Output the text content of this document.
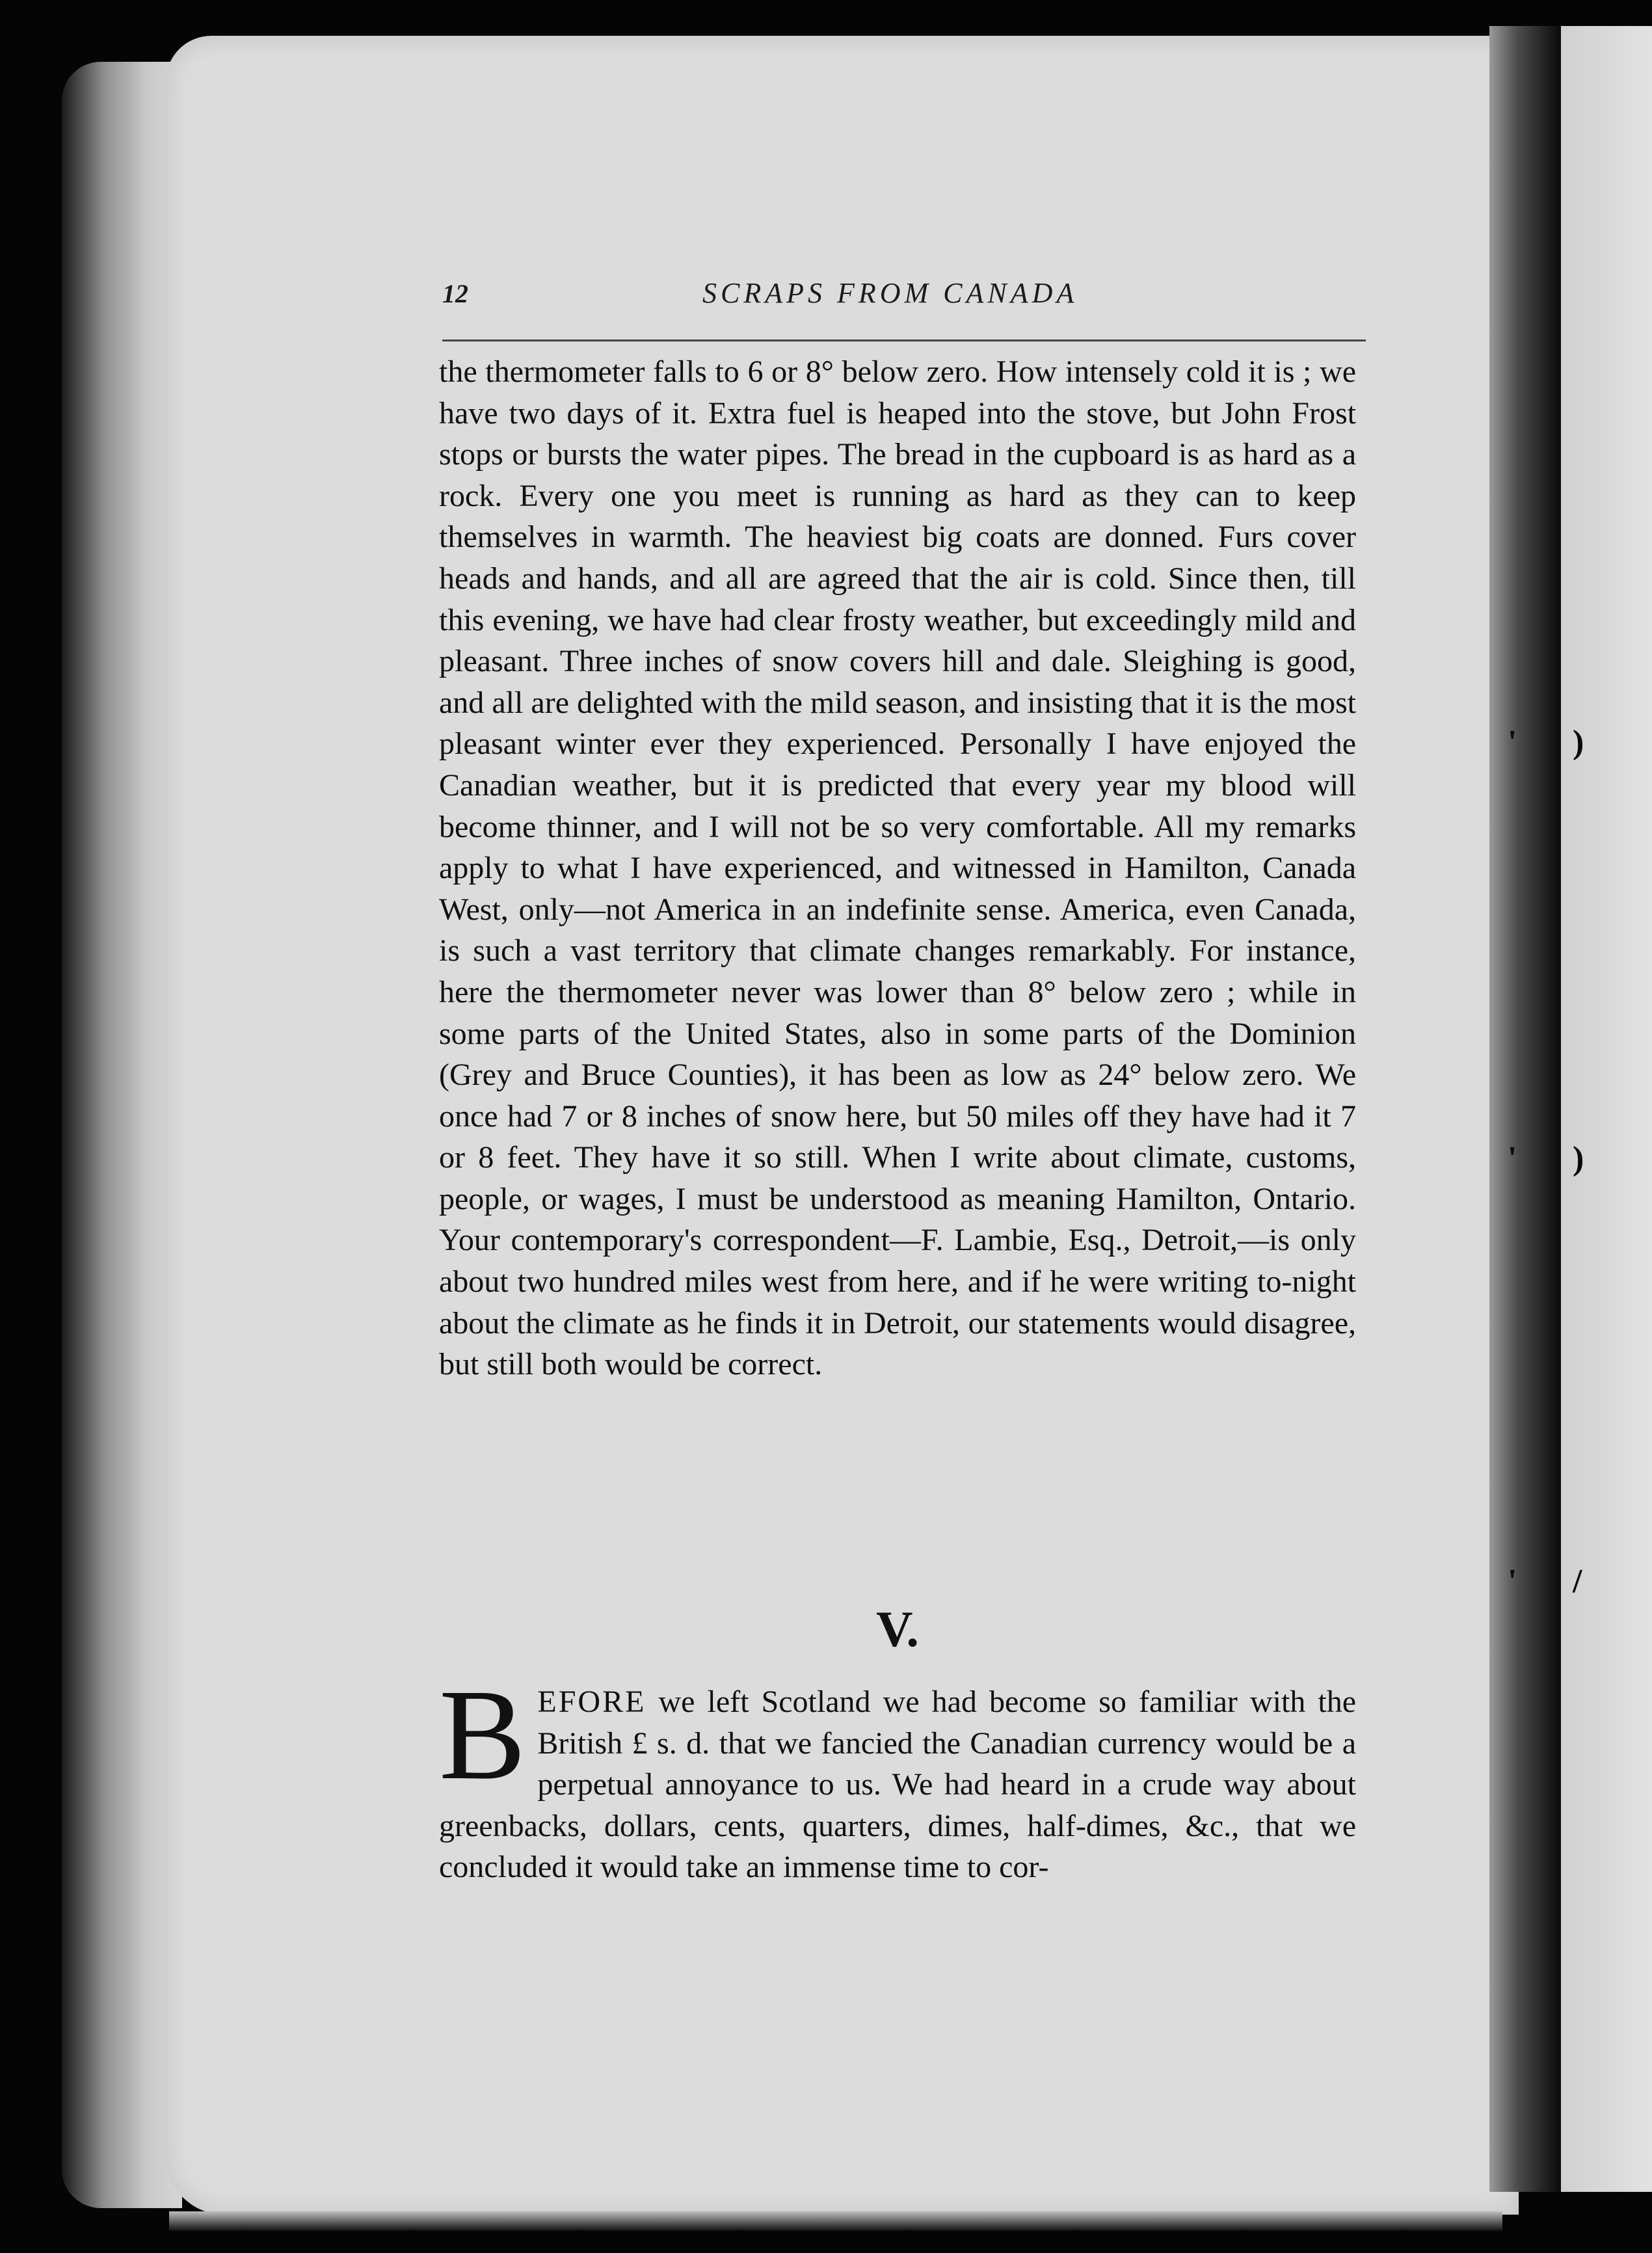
12	SCRAPS FROM CANADA
the thermometer falls to 6 or 8° below zero. How intensely cold it is ; we have two days of it. Extra fuel is heaped into the stove, but John Frost stops or bursts the water pipes. The bread in the cupboard is as hard as a rock. Every one you meet is running as hard as they can to keep themselves in warmth. The heaviest big coats are donned. Furs cover heads and hands, and all are agreed that the air is cold. Since then, till this evening, we have had clear frosty weather, but exceedingly mild and pleasant. Three inches of snow covers hill and dale. Sleighing is good, and all are delighted with the mild season, and insisting that it is the most pleasant winter ever they experienced. Personally I have enjoyed the Canadian weather, but it is predicted that every year my blood will become thinner, and I will not be so very comfortable. All my remarks apply to what I have experienced, and witnessed in Hamilton, Canada West, only—not America in an indefinite sense. America, even Canada, is such a vast territory that climate changes remarkably. For instance, here the thermometer never was lower than 8° below zero ; while in some parts of the United States, also in some parts of the Dominion (Grey and Bruce Counties), it has been as low as 24° below zero. We once had 7 or 8 inches of snow here, but 50 miles off they have had it 7 or 8 feet. They have it so still. When I write about climate, customs, people, or wages, I must be understood as meaning Hamilton, Ontario. Your contemporary's correspondent—F. Lambie, Esq., Detroit,—is only about two hundred miles west from here, and if he were writing to-night about the climate as he finds it in Detroit, our statements would disagree, but still both would be correct.
V.
BEFORE we left Scotland we had become so familiar with the British £ s. d. that we fancied the Canadian currency would be a perpetual annoyance to us. We had heard in a crude way about greenbacks, dollars, cents, quarters, dimes, half-dimes, &c., that we concluded it would take an immense time to cor-
' )
' )
' /
